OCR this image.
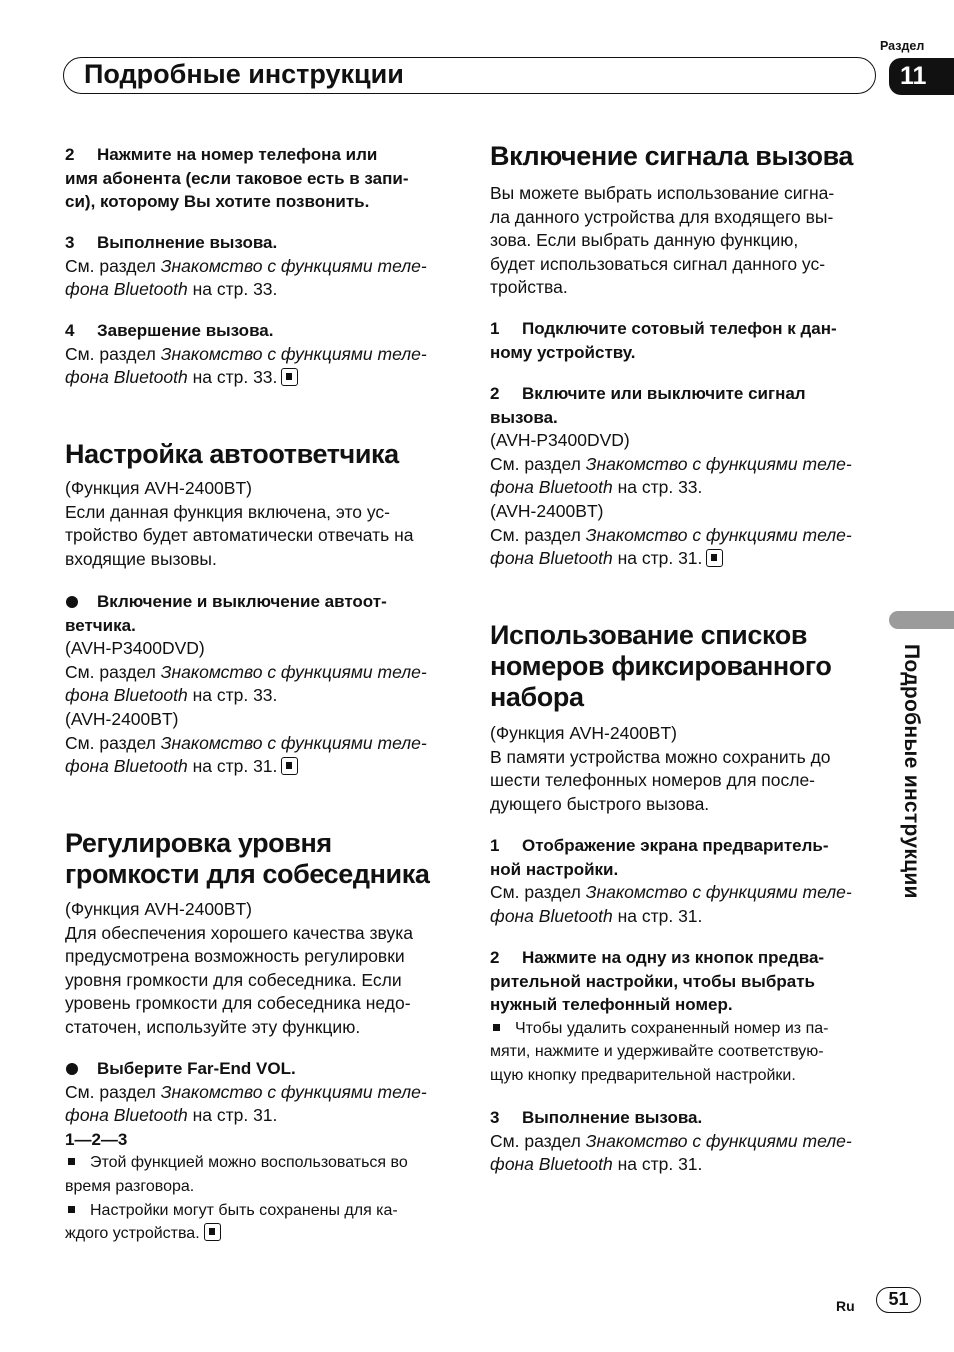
Раздел
11
Подробные инструкции

2 Нажмите на номер телефона или
имя абонента (если таковое есть в запи-
си), которому Вы хотите позвонить.

3 Выполнение вызова.

См. раздел Знакомство с функциями теле-
фона Bluetooth на стр. 33.

4 Завершение вызова.

См. раздел Знакомство с функциями теле-
фона Bluetooth на стр. 33.

Настройка автоответчика

(Функция AVH-2400BT)

Если данная функция включена, это ус-
тройство будет автоматически отвечать на
входящие вызовы.

Включение и выключение автоот-
ветчика.

(AVH-P3400DVD)

См. раздел Знакомство с функциями теле-
фона Bluetooth на стр. 33.

(AVH-2400BT)

См. раздел Знакомство с функциями теле-
фона Bluetooth на стр. 31.

Регулировка уровня
громкости для собеседника

(Функция AVH-2400BT)

Для обеспечения хорошего качества звука
предусмотрена возможность регулировки
уровня громкости для собеседника. Если
уровень громкости для собеседника недо-
статочен, используйте эту функцию.

Выберите Far-End VOL.

См. раздел Знакомство с функциями теле-
фона Bluetooth на стр. 31.

1—2—3

Этой функцией можно воспользоваться во
время разговора.

Настройки могут быть сохранены для ка-
ждого устройства.

Включение сигнала вызова

Вы можете выбрать использование сигна-
ла данного устройства для входящего вы-
зова. Если выбрать данную функцию,
будет использоваться сигнал данного ус-
тройства.

1 Подключите сотовый телефон к дан-
ному устройству.

2 Включите или выключите сигнал
вызова.

(AVH-P3400DVD)

См. раздел Знакомство с функциями теле-
фона Bluetooth на стр. 33.

(AVH-2400BT)

См. раздел Знакомство с функциями теле-
фона Bluetooth на стр. 31.

Использование списков
номеров фиксированного
набора

(Функция AVH-2400BT)

В памяти устройства можно сохранить до
шести телефонных номеров для после-
дующего быстрого вызова.

1 Отображение экрана предваритель-
ной настройки.

См. раздел Знакомство с функциями теле-
фона Bluetooth на стр. 31.

2 Нажмите на одну из кнопок предва-
рительной настройки, чтобы выбрать
нужный телефонный номер.

Чтобы удалить сохраненный номер из па-
мяти, нажмите и удерживайте соответствую-
щую кнопку предварительной настройки.

3 Выполнение вызова.

См. раздел Знакомство с функциями теле-
фона Bluetooth на стр. 31.

Подробные инструкции
Ru	51
